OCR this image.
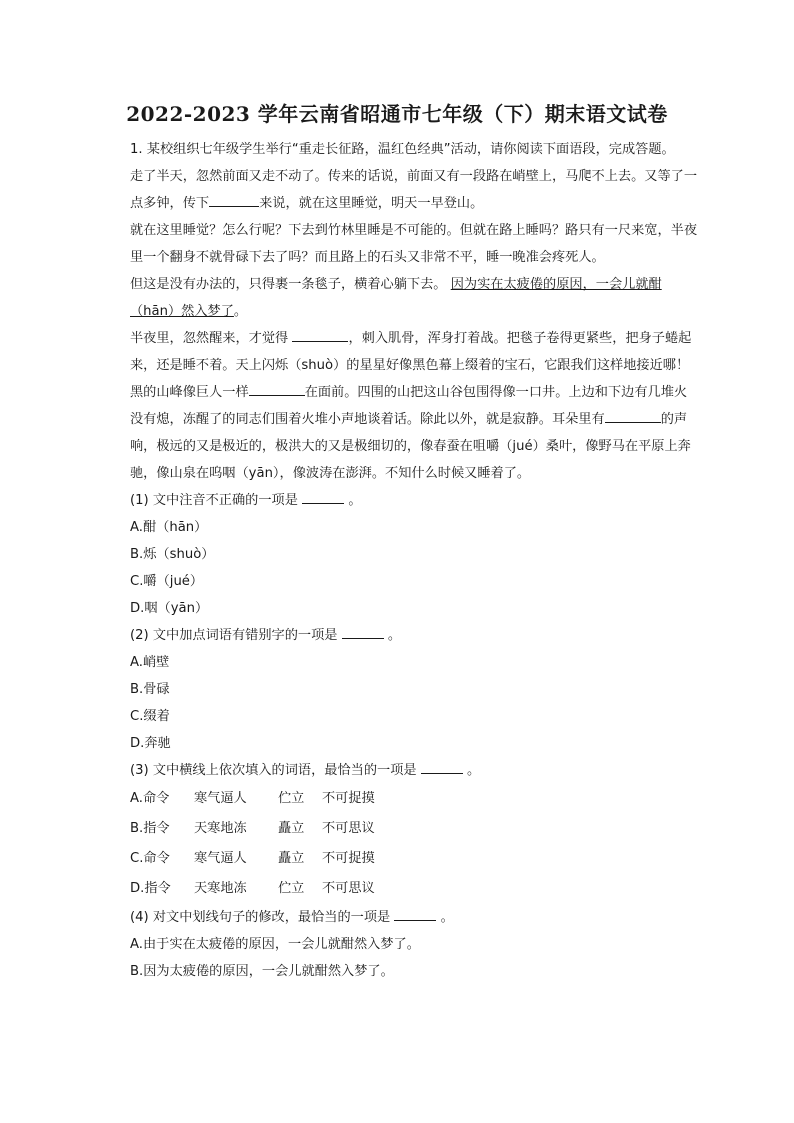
2022-2023 学年云南省昭通市七年级（下）期末语文试卷

1. 某校组织七年级学生举行“重走长征路，温红色经典”活动，请你阅读下面语段，完成答题。

走了半天，忽然前面又走不动了。传来的话说，前面又有一段路在峭壁上，马爬不上去。又等了一点多钟，传下	来说，就在这里睡觉，明天一早登山。

就在这里睡觉？怎么行呢？下去到竹林里睡是不可能的。但就在路上睡吗？路只有一尺来宽，半夜里一个翻身不就骨碌下去了吗？而且路上的石头又非常不平，睡一晚准会疼死人。

但这是没有办法的，只得裹一条毯子，横着心躺下去。 因为实在太疲倦的原因，一会儿就酣（hān）然入梦了。

半夜里，忽然醒来，才觉得	，刺入肌骨，浑身打着战。把毯子卷得更紧些，把身子蜷起来，还是睡不着。天上闪烁（shuò）的星星好像黑色幕上缀着的宝石，它跟我们这样地接近哪！黑的山峰像巨人一样	在面前。四围的山把这山谷包围得像一口井。上边和下边有几堆火没有熄，冻醒了的同志们围着火堆小声地谈着话。除此以外，就是寂静。耳朵里有	的声响，极远的又是极近的，极洪大的又是极细切的，像春蚕在咀嚼（jué）桑叶，像野马在平原上奔驰，像山泉在呜咽（yān），像波涛在澎湃。不知什么时候又睡着了。

(1) 文中注音不正确的一项是	。

A.酣（hān）

B.烁（shuò）

C.嚼（jué）

D.咽（yān）

(2) 文中加点词语有错别字的一项是	。

A.峭壁

B.骨碌

C.缀着

D.奔驰

(3) 文中横线上依次填入的词语，最恰当的一项是	。

A.命令	寒气逼人	伫立	不可捉摸
B.指令	天寒地冻	矗立	不可思议
C.命令	寒气逼人	矗立	不可捉摸
D.指令	天寒地冻	伫立	不可思议

(4) 对文中划线句子的修改，最恰当的一项是	。

A.由于实在太疲倦的原因，一会儿就酣然入梦了。

B.因为太疲倦的原因，一会儿就酣然入梦了。
